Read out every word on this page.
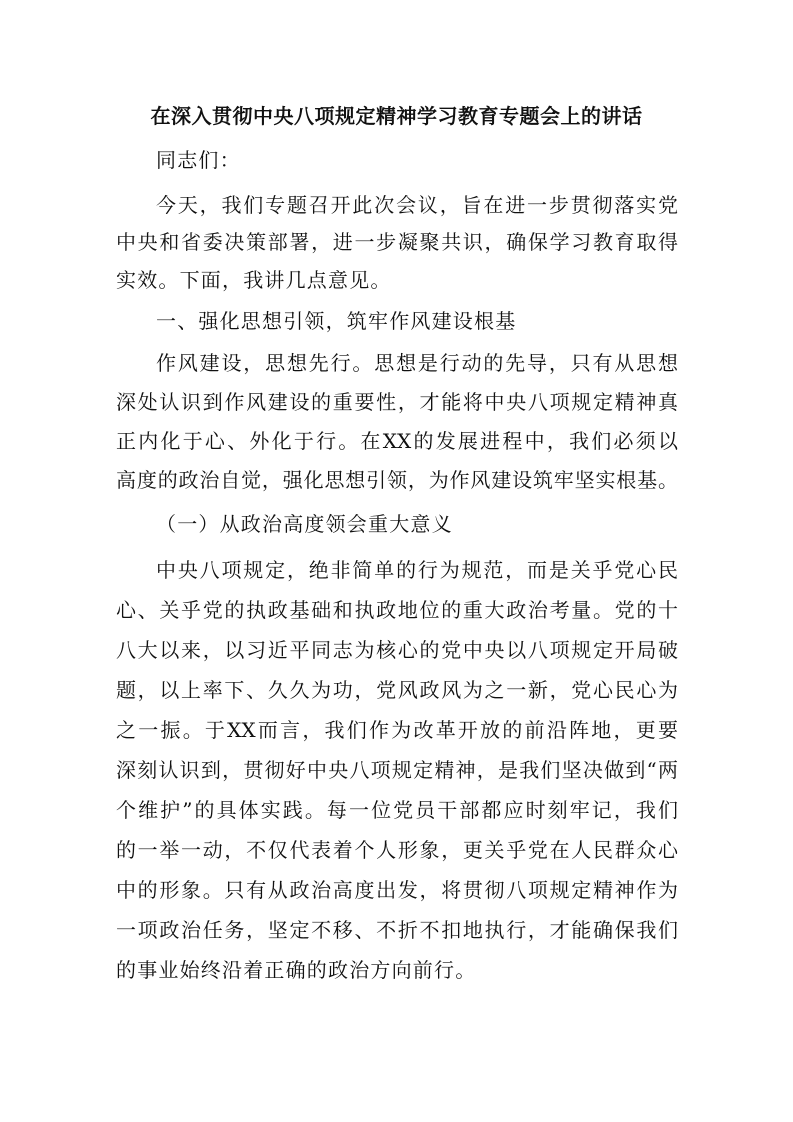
在深入贯彻中央八项规定精神学习教育专题会上的讲话
同志们：
今天，我们专题召开此次会议，旨在进一步贯彻落实党
中央和省委决策部署，进一步凝聚共识，确保学习教育取得
实效。下面，我讲几点意见。
一、强化思想引领，筑牢作风建设根基
作风建设，思想先行。思想是行动的先导，只有从思想
深处认识到作风建设的重要性，才能将中央八项规定精神真
正内化于心、外化于行。在XX的发展进程中，我们必须以
高度的政治自觉，强化思想引领，为作风建设筑牢坚实根基。
（一）从政治高度领会重大意义
中央八项规定，绝非简单的行为规范，而是关乎党心民
心、关乎党的执政基础和执政地位的重大政治考量。党的十
八大以来，以习近平同志为核心的党中央以八项规定开局破
题，以上率下、久久为功，党风政风为之一新，党心民心为
之一振。于XX而言，我们作为改革开放的前沿阵地，更要
深刻认识到，贯彻好中央八项规定精神，是我们坚决做到“两
个维护”的具体实践。每一位党员干部都应时刻牢记，我们
的一举一动，不仅代表着个人形象，更关乎党在人民群众心
中的形象。只有从政治高度出发，将贯彻八项规定精神作为
一项政治任务，坚定不移、不折不扣地执行，才能确保我们
的事业始终沿着正确的政治方向前行。
